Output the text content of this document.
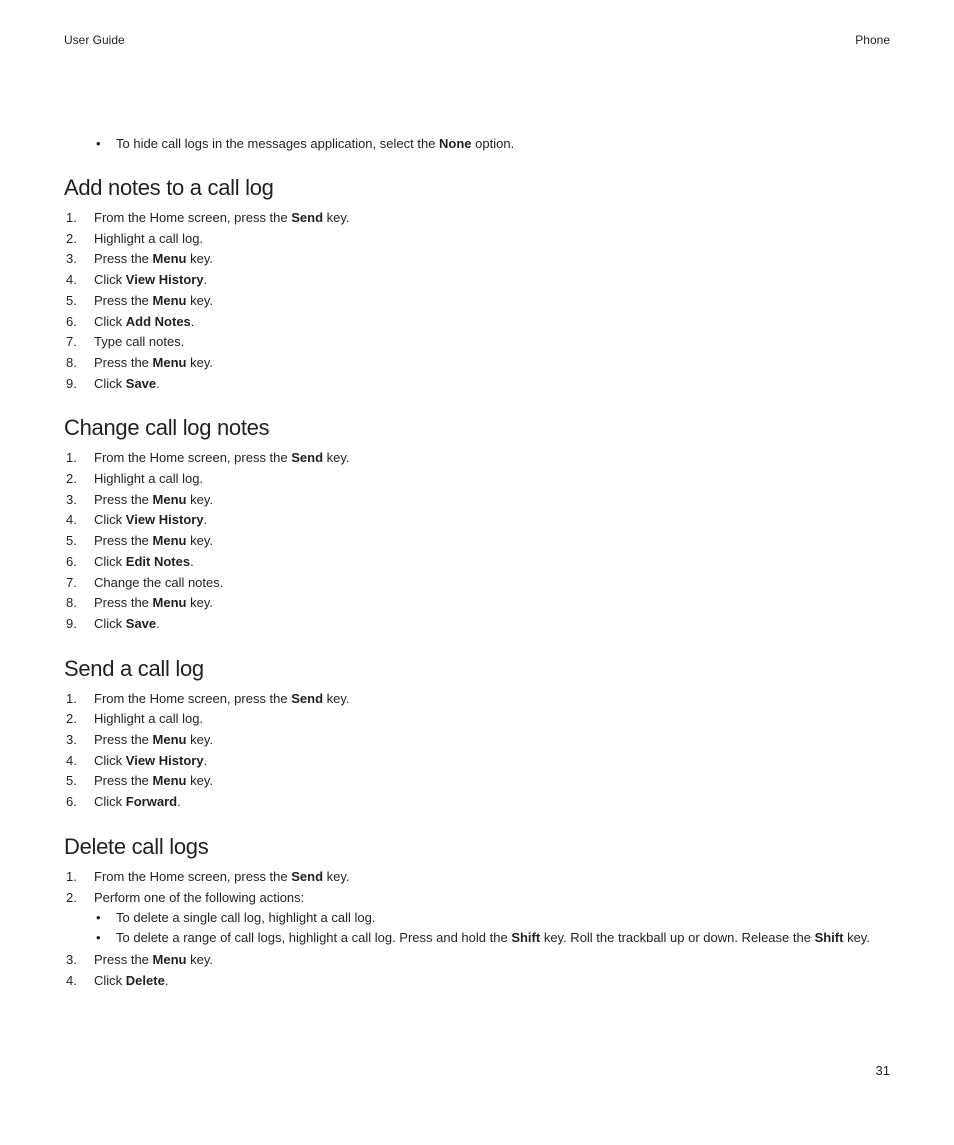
User Guide	Phone
• To hide call logs in the messages application, select the None option.
Add notes to a call log
1. From the Home screen, press the Send key.
2. Highlight a call log.
3. Press the Menu key.
4. Click View History.
5. Press the Menu key.
6. Click Add Notes.
7. Type call notes.
8. Press the Menu key.
9. Click Save.
Change call log notes
1. From the Home screen, press the Send key.
2. Highlight a call log.
3. Press the Menu key.
4. Click View History.
5. Press the Menu key.
6. Click Edit Notes.
7. Change the call notes.
8. Press the Menu key.
9. Click Save.
Send a call log
1. From the Home screen, press the Send key.
2. Highlight a call log.
3. Press the Menu key.
4. Click View History.
5. Press the Menu key.
6. Click Forward.
Delete call logs
1. From the Home screen, press the Send key.
2. Perform one of the following actions:
• To delete a single call log, highlight a call log.
• To delete a range of call logs, highlight a call log. Press and hold the Shift key. Roll the trackball up or down. Release the Shift key.
3. Press the Menu key.
4. Click Delete.
31
